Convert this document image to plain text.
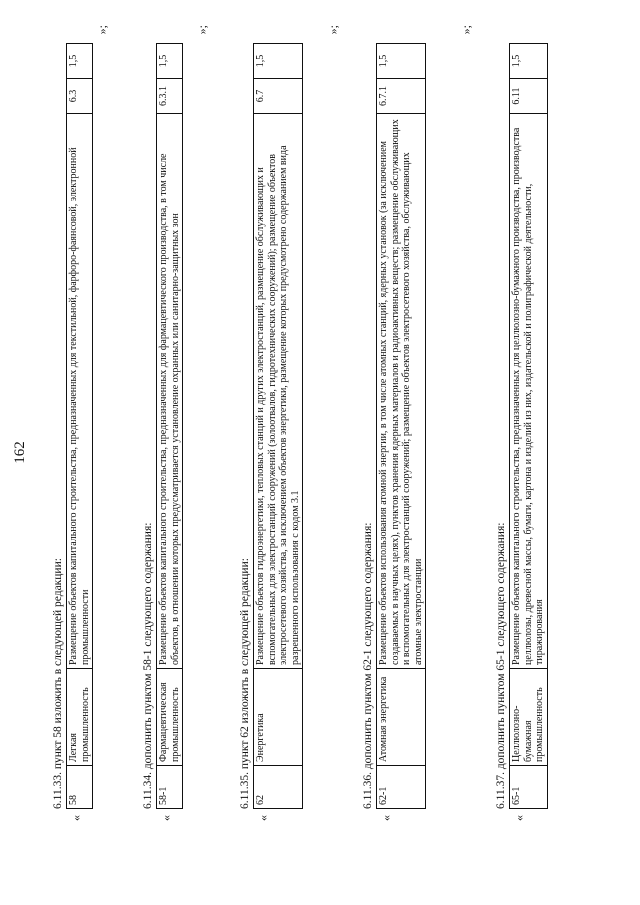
162
6.11.33. пункт 58 изложить в следующей редакции:
«
58	Легкая промышленность	Размещение объектов капитального строительства, предназначенных для текстильной, фарфоро-фаянсовой, электронной промышленности	6.3	1,5
»;
6.11.34. дополнить пунктом 58-1 следующего содержания:
«
58-1	Фармацевтическая промышленность	Размещение объектов капитального строительства, предназначенных для фармацевтического производства, в том числе объектов, в отношении которых предусматривается установление охранных или санитарно-защитных зон	6.3.1	1,5
»;
6.11.35. пункт 62 изложить в следующей редакции:
«
62	Энергетика	Размещение объектов гидроэнергетики, тепловых станций и других электростанций, размещение обслуживающих и вспомогательных для электростанций сооружений (золоотвалов, гидротехнических сооружений); размещение объектов электросетевого хозяйства, за исключением объектов энергетики, размещение которых предусмотрено содержанием вида разрешенного использования с кодом 3.1	6.7	1,5
»;
6.11.36. дополнить пунктом 62-1 следующего содержания:
«
62-1	Атомная энергетика	Размещение объектов использования атомной энергии, в том числе атомных станций, ядерных установок (за исключением создаваемых в научных целях), пунктов хранения ядерных материалов и радиоактивных веществ; размещение обслуживающих и вспомогательных для электростанций сооружений; размещение объектов электросетевого хозяйства, обслуживающих атомные электростанции	6.7.1	1,5
»;
6.11.37. дополнить пунктом 65-1 следующего содержания:
«
65-1	Целлюлозно-бумажная промышленность	Размещение объектов капитального строительства, предназначенных для целлюлозно-бумажного производства, производства целлюлозы, древесной массы, бумаги, картона и изделий из них, издательской и полиграфической деятельности, тиражирования	6.11	1,5
